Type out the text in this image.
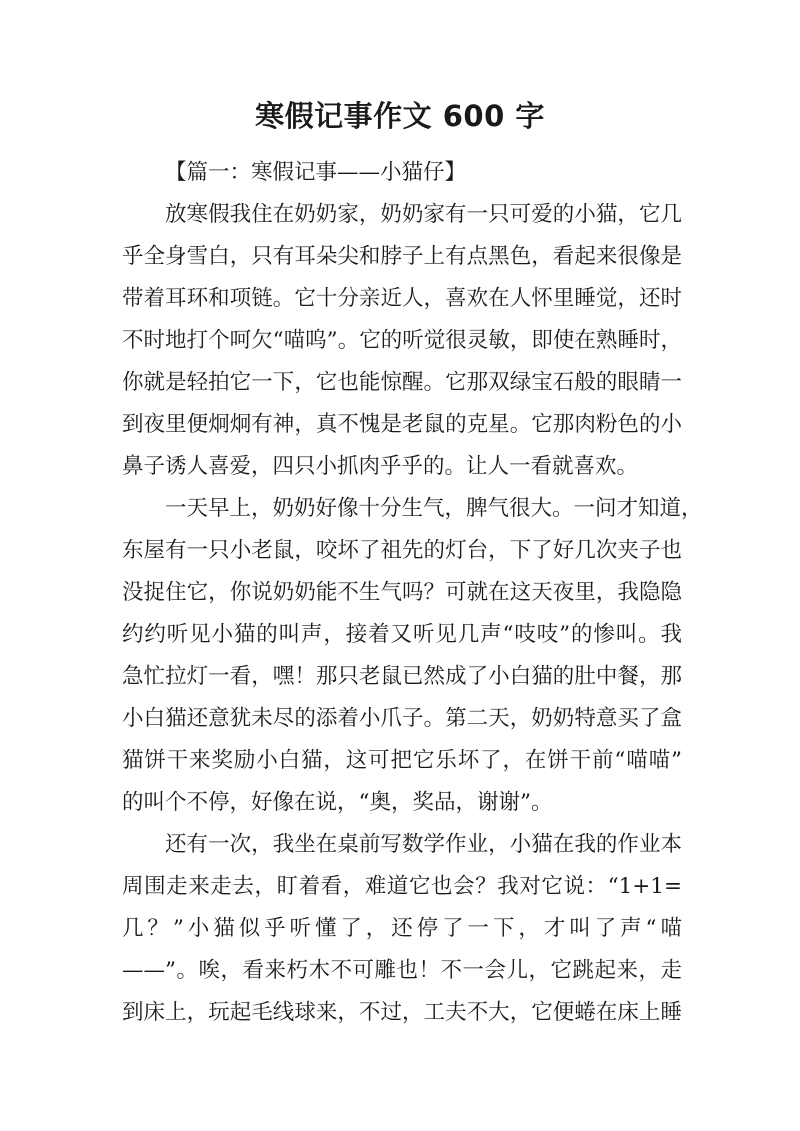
寒假记事作文 600 字
【篇一：寒假记事——小猫仔】
放寒假我住在奶奶家，奶奶家有一只可爱的小猫，它几
乎全身雪白，只有耳朵尖和脖子上有点黑色，看起来很像是
带着耳环和项链。它十分亲近人，喜欢在人怀里睡觉，还时
不时地打个呵欠“喵呜”。它的听觉很灵敏，即使在熟睡时，
你就是轻拍它一下，它也能惊醒。它那双绿宝石般的眼睛一
到夜里便炯炯有神，真不愧是老鼠的克星。它那肉粉色的小
鼻子诱人喜爱，四只小抓肉乎乎的。让人一看就喜欢。
一天早上，奶奶好像十分生气，脾气很大。一问才知道，
东屋有一只小老鼠，咬坏了祖先的灯台，下了好几次夹子也
没捉住它，你说奶奶能不生气吗？可就在这天夜里，我隐隐
约约听见小猫的叫声，接着又听见几声“吱吱”的惨叫。我
急忙拉灯一看，嘿！那只老鼠已然成了小白猫的肚中餐，那
小白猫还意犹未尽的添着小爪子。第二天，奶奶特意买了盒
猫饼干来奖励小白猫，这可把它乐坏了，在饼干前“喵喵”
的叫个不停，好像在说，“奥，奖品，谢谢”。
还有一次，我坐在桌前写数学作业，小猫在我的作业本
周围走来走去，盯着看，难道它也会？我对它说：“1+1=
几？”小猫似乎听懂了，还停了一下，才叫了声“喵
——”。唉，看来朽木不可雕也！不一会儿，它跳起来，走
到床上，玩起毛线球来，不过，工夫不大，它便蜷在床上睡
